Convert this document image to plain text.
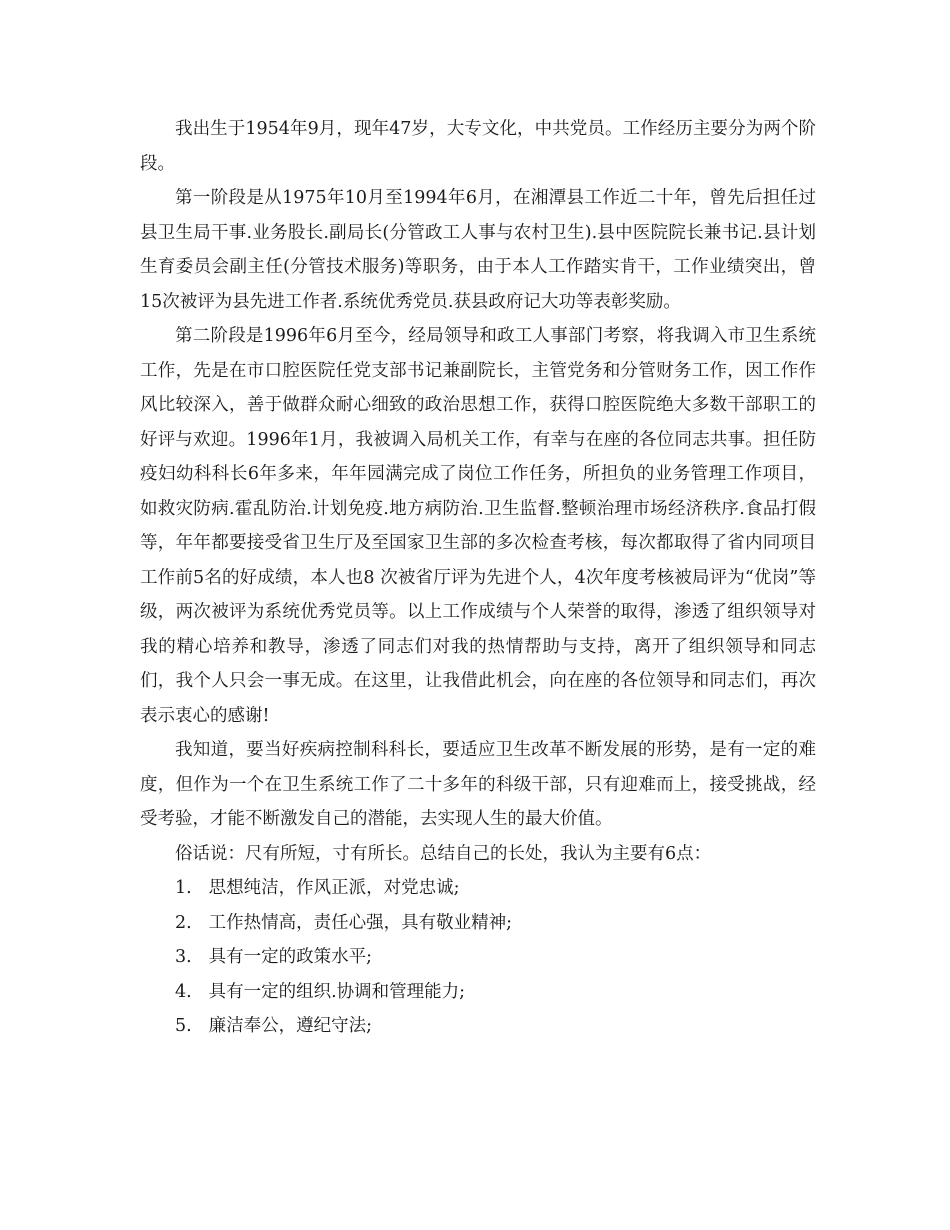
我出生于1954年9月，现年47岁，大专文化，中共党员。工作经历主要分为两个阶段。

第一阶段是从1975年10月至1994年6月，在湘潭县工作近二十年，曾先后担任过县卫生局干事.业务股长.副局长(分管政工人事与农村卫生).县中医院院长兼书记.县计划生育委员会副主任(分管技术服务)等职务，由于本人工作踏实肯干，工作业绩突出，曾15次被评为县先进工作者.系统优秀党员.获县政府记大功等表彰奖励。

第二阶段是1996年6月至今，经局领导和政工人事部门考察，将我调入市卫生系统工作，先是在市口腔医院任党支部书记兼副院长，主管党务和分管财务工作，因工作作风比较深入，善于做群众耐心细致的政治思想工作，获得口腔医院绝大多数干部职工的好评与欢迎。1996年1月，我被调入局机关工作，有幸与在座的各位同志共事。担任防疫妇幼科科长6年多来，年年园满完成了岗位工作任务，所担负的业务管理工作项目，如救灾防病.霍乱防治.计划免疫.地方病防治.卫生监督.整顿治理市场经济秩序.食品打假等，年年都要接受省卫生厅及至国家卫生部的多次检查考核，每次都取得了省内同项目工作前5名的好成绩，本人也8 次被省厅评为先进个人，4次年度考核被局评为“优岗”等级，两次被评为系统优秀党员等。以上工作成绩与个人荣誉的取得，渗透了组织领导对我的精心培养和教导，渗透了同志们对我的热情帮助与支持，离开了组织领导和同志们，我个人只会一事无成。在这里，让我借此机会，向在座的各位领导和同志们，再次表示衷心的感谢!

我知道，要当好疾病控制科科长，要适应卫生改革不断发展的形势，是有一定的难度，但作为一个在卫生系统工作了二十多年的科级干部，只有迎难而上，接受挑战，经受考验，才能不断激发自己的潜能，去实现人生的最大价值。

俗话说：尺有所短，寸有所长。总结自己的长处，我认为主要有6点：

1. 思想纯洁，作风正派，对党忠诚;

2. 工作热情高，责任心强，具有敬业精神;

3. 具有一定的政策水平;

4. 具有一定的组织.协调和管理能力;

5. 廉洁奉公，遵纪守法;
